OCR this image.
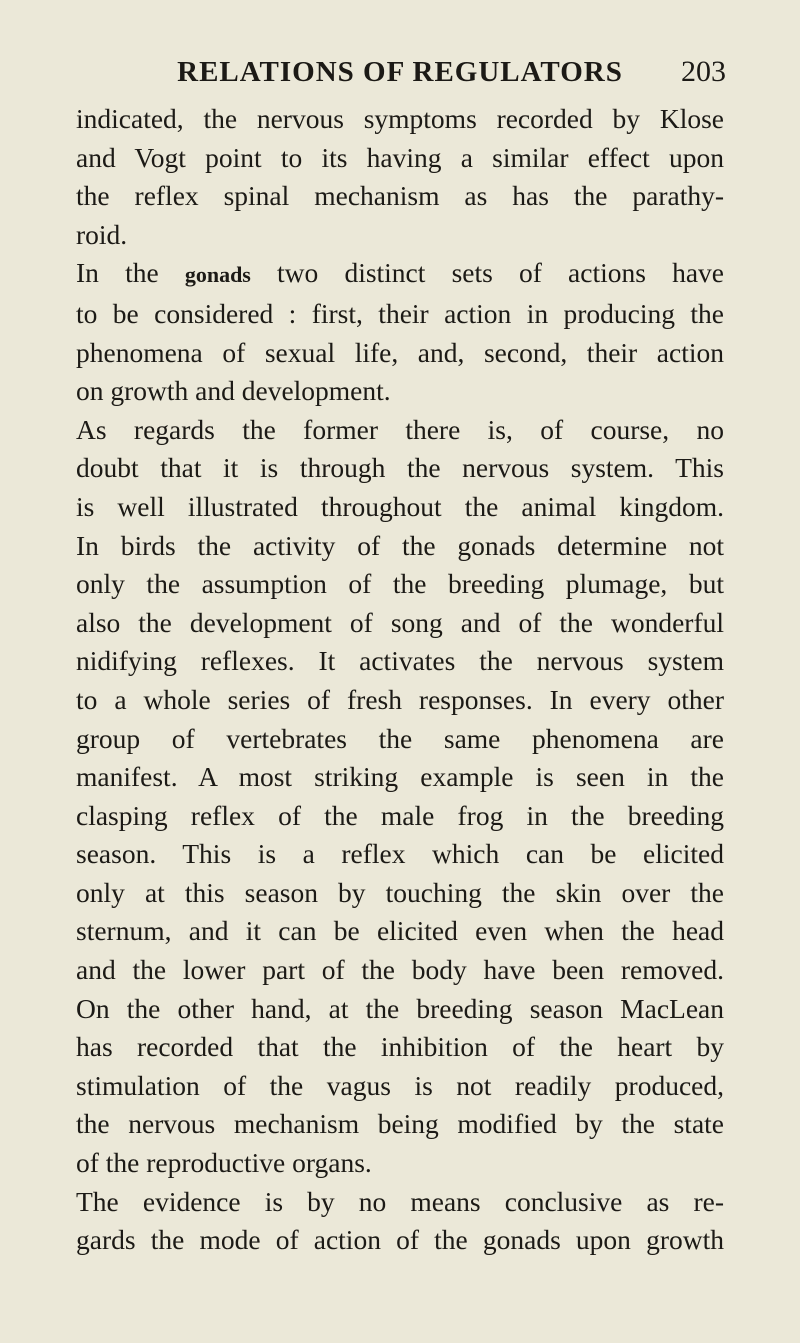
RELATIONS OF REGULATORS	203

indicated, the nervous symptoms recorded by Klose

and Vogt point to its having a similar effect upon

the reflex spinal mechanism as has the parathy-

roid.

In the gonads two distinct sets of actions have

to be considered : first, their action in producing the

phenomena of sexual life, and, second, their action

on growth and development.

As regards the former there is, of course, no

doubt that it is through the nervous system. This

is well illustrated throughout the animal kingdom.

In birds the activity of the gonads determine not

only the assumption of the breeding plumage, but

also the development of song and of the wonderful

nidifying reflexes. It activates the nervous system

to a whole series of fresh responses. In every other

group of vertebrates the same phenomena are

manifest. A most striking example is seen in the

clasping reflex of the male frog in the breeding

season. This is a reflex which can be elicited

only at this season by touching the skin over the

sternum, and it can be elicited even when the head

and the lower part of the body have been removed.

On the other hand, at the breeding season MacLean

has recorded that the inhibition of the heart by

stimulation of the vagus is not readily produced,

the nervous mechanism being modified by the state

of the reproductive organs.

The evidence is by no means conclusive as re-

gards the mode of action of the gonads upon growth
